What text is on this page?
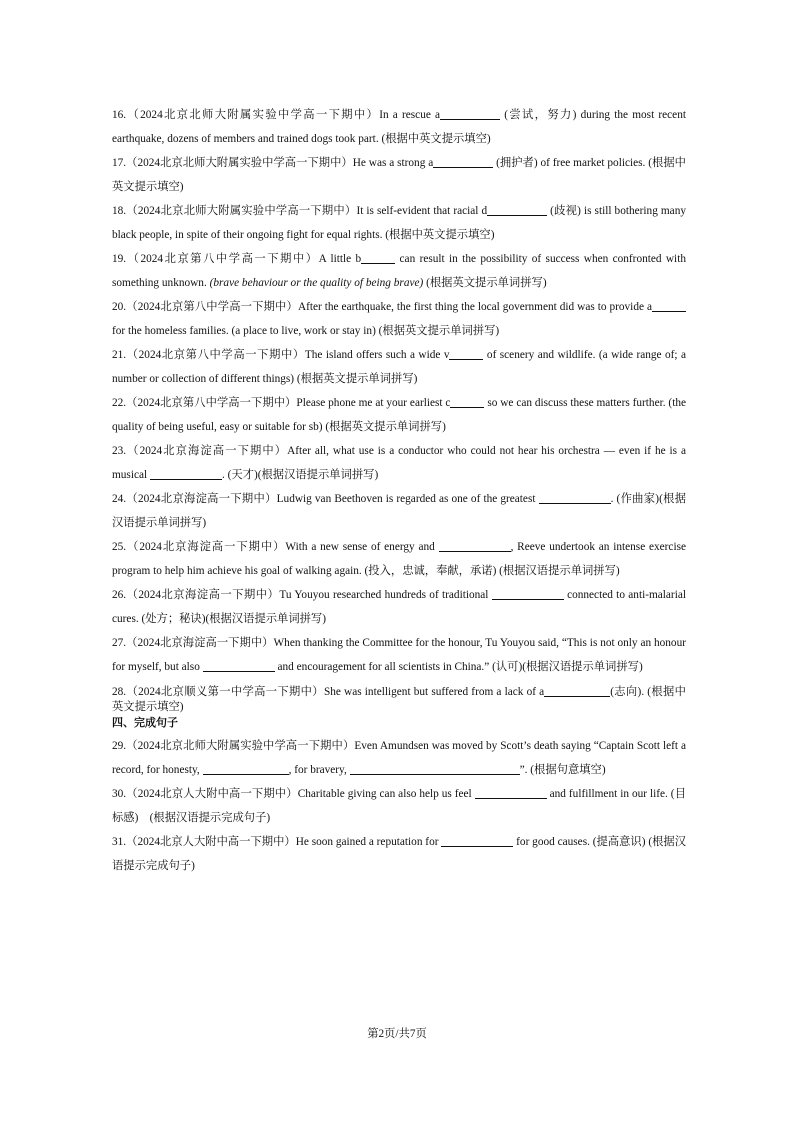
16.（2024北京北师大附属实验中学高一下期中）In a rescue a	(尝试，努力) during the most recent earthquake, dozens of members and trained dogs took part. (根据中英文提示填空)

17.（2024北京北师大附属实验中学高一下期中）He was a strong a	(拥护者) of free market policies. (根据中英文提示填空)

18.（2024北京北师大附属实验中学高一下期中）It is self-evident that racial d	(歧视) is still bothering many black people, in spite of their ongoing fight for equal rights. (根据中英文提示填空)

19.（2024北京第八中学高一下期中）A little b	can result in the possibility of success when confronted with something unknown. (brave behaviour or the quality of being brave) (根据英文提示单词拼写)

20.（2024北京第八中学高一下期中）After the earthquake, the first thing the local government did was to provide a for the homeless families. (a place to live, work or stay in) (根据英文提示单词拼写)

21.（2024北京第八中学高一下期中）The island offers such a wide v	of scenery and wildlife. (a wide range of; a number or collection of different things) (根据英文提示单词拼写)

22.（2024北京第八中学高一下期中）Please phone me at your earliest c	so we can discuss these matters further. (the quality of being useful, easy or suitable for sb) (根据英文提示单词拼写)

23.（2024北京海淀高一下期中）After all, what use is a conductor who could not hear his orchestra — even if he is a musical	. (天才)(根据汉语提示单词拼写)

24.（2024北京海淀高一下期中）Ludwig van Beethoven is regarded as one of the greatest	. (作曲家)(根据汉语提示单词拼写)

25.（2024北京海淀高一下期中）With a new sense of energy and	, Reeve undertook an intense exercise program to help him achieve his goal of walking again. (投入，忠诚，奉献，承诺) (根据汉语提示单词拼写)

26.（2024北京海淀高一下期中）Tu Youyou researched hundreds of traditional	connected to anti-malarial cures. (处方；秘诀)(根据汉语提示单词拼写)

27.（2024北京海淀高一下期中）When thanking the Committee for the honour, Tu Youyou said, “This is not only an honour for myself, but also	and encouragement for all scientists in China.” (认可)(根据汉语提示单词拼写)

28.（2024北京顺义第一中学高一下期中）She was intelligent but suffered from a lack of a	(志向). (根据中英文提示填空)

四、完成句子

29.（2024北京北师大附属实验中学高一下期中）Even Amundsen was moved by Scott’s death saying “Captain Scott left a record, for honesty,	, for bravery,	”. (根据句意填空)

30.（2024北京人大附中高一下期中）Charitable giving can also help us feel	and fulfillment in our life. (目标感)　(根据汉语提示完成句子)

31.（2024北京人大附中高一下期中）He soon gained a reputation for	for good causes. (提高意识) (根据汉语提示完成句子)

第2页/共7页
